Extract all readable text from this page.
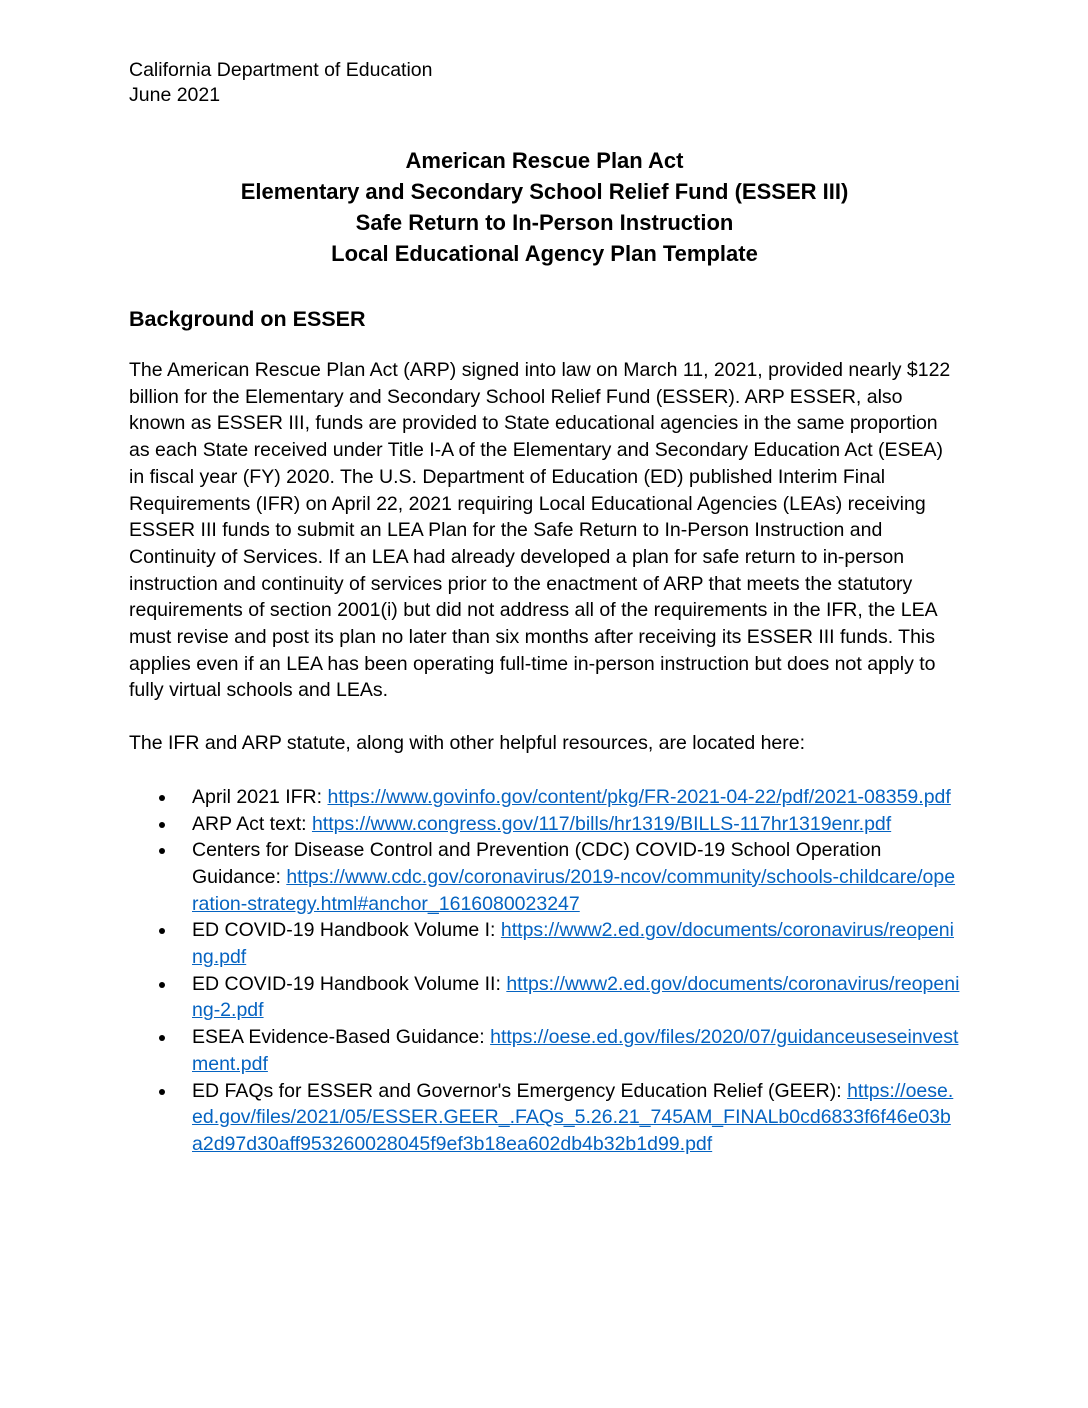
California Department of Education

June 2021

American Rescue Plan Act

Elementary and Secondary School Relief Fund (ESSER III)

Safe Return to In-Person Instruction

Local Educational Agency Plan Template

Background on ESSER

The American Rescue Plan Act (ARP) signed into law on March 11, 2021, provided nearly $122 billion for the Elementary and Secondary School Relief Fund (ESSER). ARP ESSER, also known as ESSER III, funds are provided to State educational agencies in the same proportion as each State received under Title I-A of the Elementary and Secondary Education Act (ESEA) in fiscal year (FY) 2020. The U.S. Department of Education (ED) published Interim Final Requirements (IFR) on April 22, 2021 requiring Local Educational Agencies (LEAs) receiving ESSER III funds to submit an LEA Plan for the Safe Return to In-Person Instruction and Continuity of Services. If an LEA had already developed a plan for safe return to in-person instruction and continuity of services prior to the enactment of ARP that meets the statutory requirements of section 2001(i) but did not address all of the requirements in the IFR, the LEA must revise and post its plan no later than six months after receiving its ESSER III funds. This applies even if an LEA has been operating full-time in-person instruction but does not apply to fully virtual schools and LEAs.

The IFR and ARP statute, along with other helpful resources, are located here:

April 2021 IFR: https://www.govinfo.gov/content/pkg/FR-2021-04-22/pdf/2021-08359.pdf
ARP Act text: https://www.congress.gov/117/bills/hr1319/BILLS-117hr1319enr.pdf
Centers for Disease Control and Prevention (CDC) COVID-19 School Operation Guidance: https://www.cdc.gov/coronavirus/2019-ncov/community/schools-childcare/operation-strategy.html#anchor_1616080023247
ED COVID-19 Handbook Volume I: https://www2.ed.gov/documents/coronavirus/reopening.pdf
ED COVID-19 Handbook Volume II: https://www2.ed.gov/documents/coronavirus/reopening-2.pdf
ESEA Evidence-Based Guidance: https://oese.ed.gov/files/2020/07/guidanceuseseinvestment.pdf
ED FAQs for ESSER and Governor's Emergency Education Relief (GEER): https://oese.ed.gov/files/2021/05/ESSER.GEER_.FAQs_5.26.21_745AM_FINALb0cd6833f6f46e03ba2d97d30aff953260028045f9ef3b18ea602db4b32b1d99.pdf
